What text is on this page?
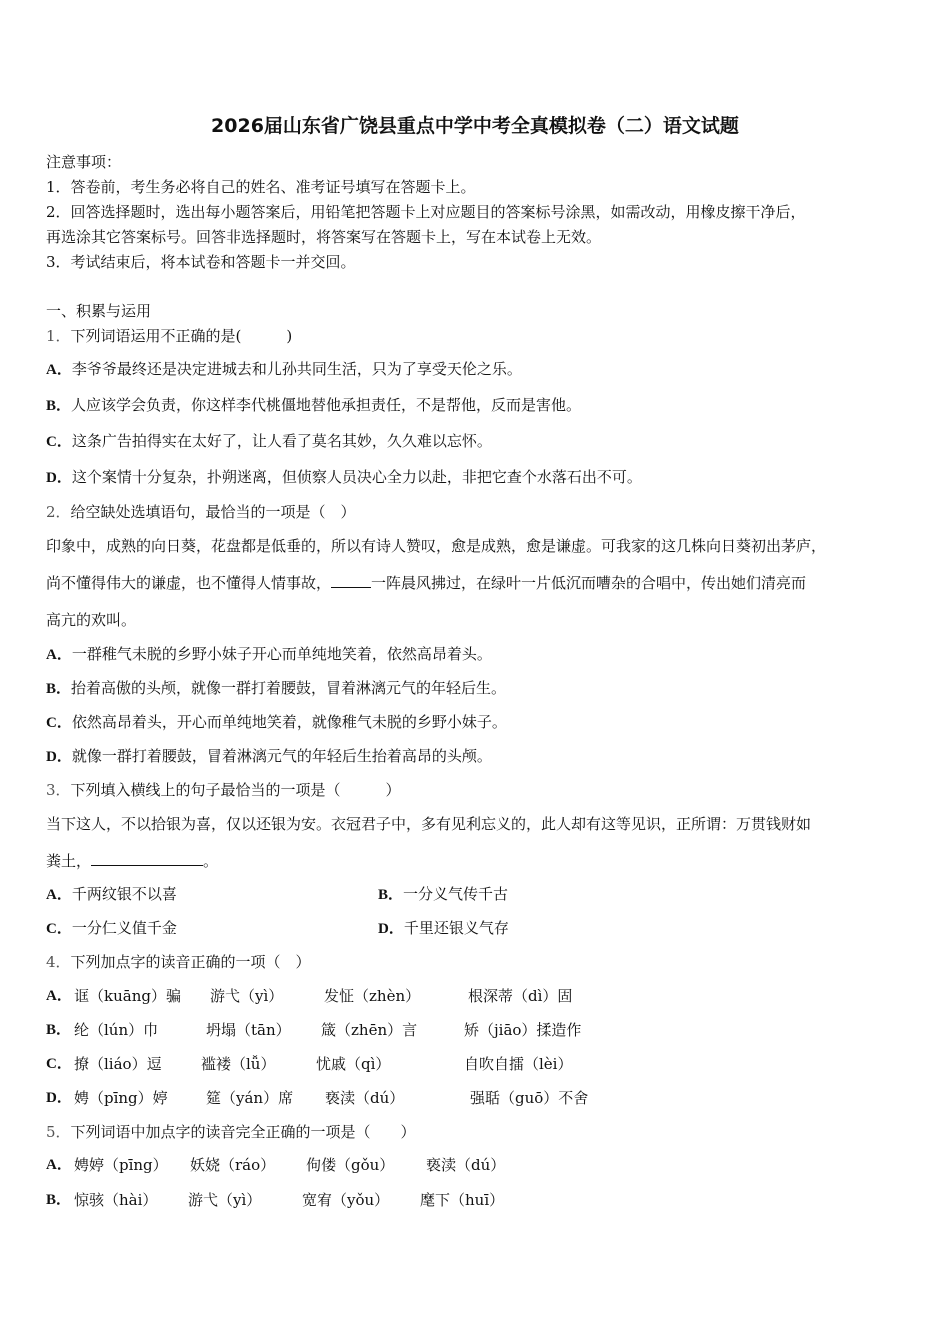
2026届山东省广饶县重点中学中考全真模拟卷（二）语文试题
注意事项：
1．答卷前，考生务必将自己的姓名、准考证号填写在答题卡上。
2．回答选择题时，选出每小题答案后，用铅笔把答题卡上对应题目的答案标号涂黑，如需改动，用橡皮擦干净后，
再选涂其它答案标号。回答非选择题时，将答案写在答题卡上，写在本试卷上无效。
3．考试结束后，将本试卷和答题卡一并交回。
一、积累与运用
1．下列词语运用不正确的是(　　　)
A．李爷爷最终还是决定进城去和儿孙共同生活，只为了享受天伦之乐。
B．人应该学会负责，你这样李代桃僵地替他承担责任，不是帮他，反而是害他。
C．这条广告拍得实在太好了，让人看了莫名其妙，久久难以忘怀。
D．这个案情十分复杂，扑朔迷离，但侦察人员决心全力以赴，非把它查个水落石出不可。
2．给空缺处选填语句，最恰当的一项是（　）
印象中，成熟的向日葵，花盘都是低垂的，所以有诗人赞叹，愈是成熟，愈是谦虚。可我家的这几株向日葵初出茅庐，
尚不懂得伟大的谦虚，也不懂得人情事故，	一阵晨风拂过，在绿叶一片低沉而嘈杂的合唱中，传出她们清亮而
高亢的欢叫。
A．一群稚气未脱的乡野小妹子开心而单纯地笑着，依然高昂着头。
B．抬着高傲的头颅，就像一群打着腰鼓，冒着淋漓元气的年轻后生。
C．依然高昂着头，开心而单纯地笑着，就像稚气未脱的乡野小妹子。
D．就像一群打着腰鼓，冒着淋漓元气的年轻后生抬着高昂的头颅。
3．下列填入横线上的句子最恰当的一项是（　　　）
当下这人，不以拾银为喜，仅以还银为安。衣冠君子中，多有见利忘义的，此人却有这等见识，正所谓：万贯钱财如
粪土，	。
A．千两纹银不以喜	B．一分义气传千古
C．一分仁义值千金	D．千里还银义气存
4．下列加点字的读音正确的一项（　）
A． 诓（kuāng）骗 游弋（yì）	发怔（zhèn）	根深蒂（dì）固
B． 纶（lún）巾	坍塌（tān） 箴（zhēn）言	矫（jiāo）揉造作
C． 撩（liáo）逗	褴褛（lǚ）	忧戚（qì）	自吹自擂（lèi）
D． 娉（pīng）婷	筵（yán）席 亵渎（dú）	强聒（guō）不舍
5．下列词语中加点字的读音完全正确的一项是（　　）
A． 娉婷（pīng） 妖娆（ráo） 佝偻（gǒu） 亵渎（dú）
B． 惊骇（hài） 游弋（yì）	宽宥（yǒu） 麾下（huī）
